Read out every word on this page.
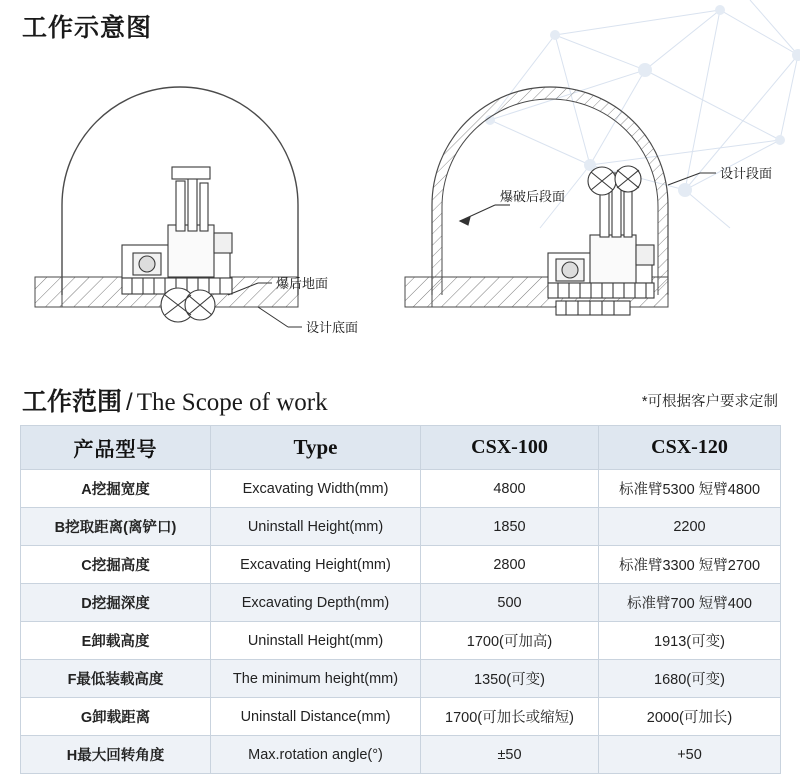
工作示意图
爆后地面
设计底面
设计段面
爆破后段面
工作范围 / The Scope of work	*可根据客户要求定制
产品型号	Type	CSX-100	CSX-120
A挖掘宽度	Excavating Width(mm)	4800	标准臂5300 短臂4800
B挖取距离(离铲口)	Uninstall Height(mm)	1850	2200
C挖掘高度	Excavating Height(mm)	2800	标准臂3300 短臂2700
D挖掘深度	Excavating Depth(mm)	500	标准臂700 短臂400
E卸载高度	Uninstall Height(mm)	1700(可加高)	1913(可变)
F最低装载高度	The minimum height(mm)	1350(可变)	1680(可变)
G卸载距离	Uninstall Distance(mm)	1700(可加长或缩短)	2000(可加长)
H最大回转角度	Max.rotation angle(°)	±50	+50
